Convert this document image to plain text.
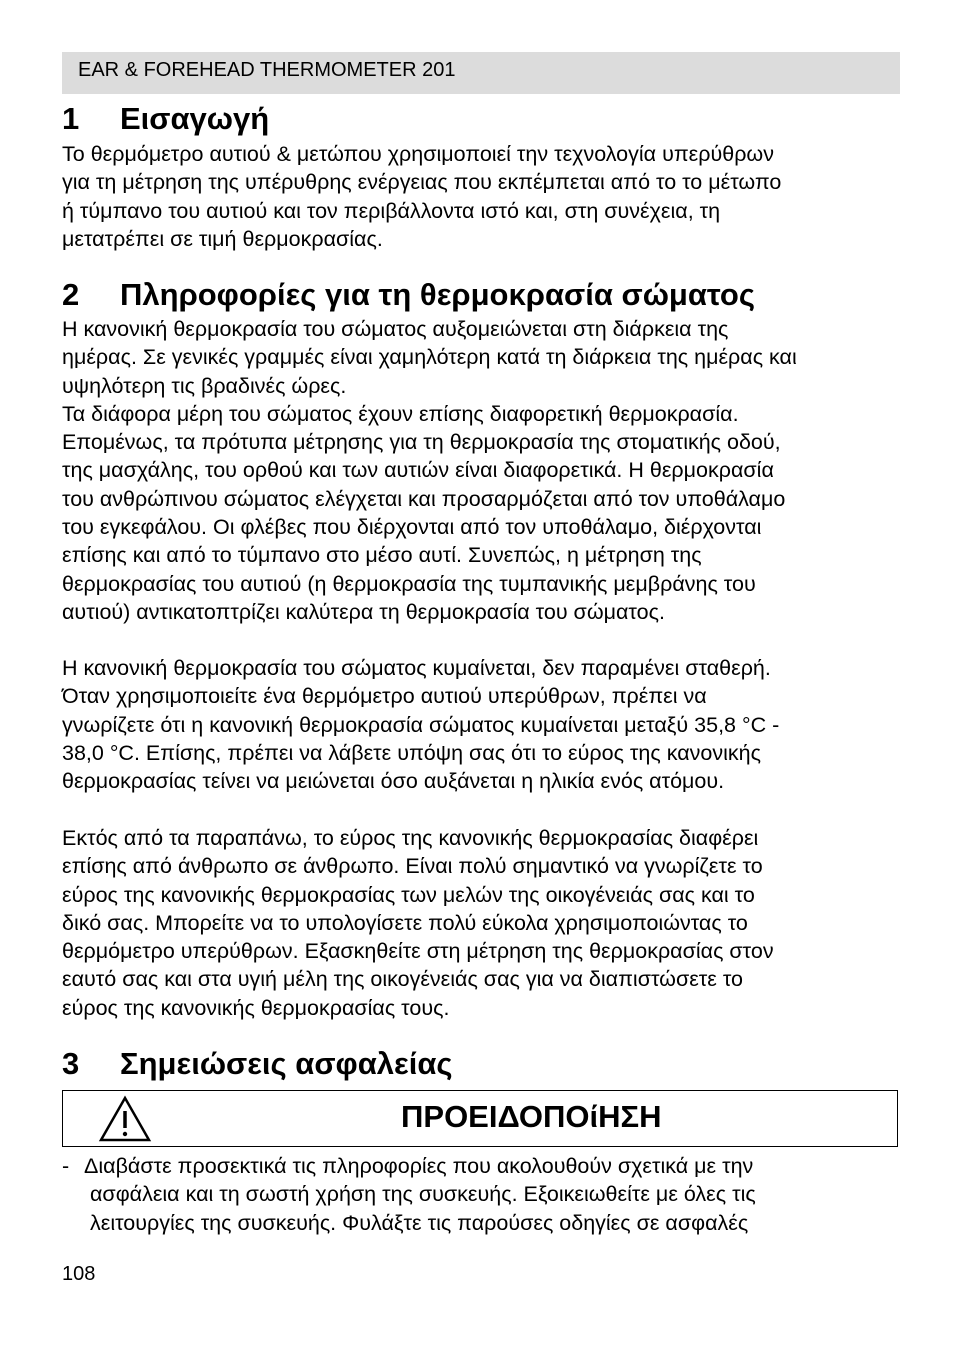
EAR & FOREHEAD THERMOMETER 201
1 Εισαγωγή
Το θερμόμετρο αυτιού & μετώπου χρησιμοποιεί την τεχνολογία υπερύθρων
για τη μέτρηση της υπέρυθρης ενέργειας που εκπέμπεται από το το μέτωπο
ή τύμπανο του αυτιού και τον περιβάλλοντα ιστό και, στη συνέχεια, τη
μετατρέπει σε τιμή θερμοκρασίας.
2 Πληροφορίες για τη θερμοκρασία σώματος
Η κανονική θερμοκρασία του σώματος αυξομειώνεται στη διάρκεια της
ημέρας. Σε γενικές γραμμές είναι χαμηλότερη κατά τη διάρκεια της ημέρας και
υψηλότερη τις βραδινές ώρες.
Τα διάφορα μέρη του σώματος έχουν επίσης διαφορετική θερμοκρασία.
Επομένως, τα πρότυπα μέτρησης για τη θερμοκρασία της στοματικής οδού,
της μασχάλης, του ορθού και των αυτιών είναι διαφορετικά. Η θερμοκρασία
του ανθρώπινου σώματος ελέγχεται και προσαρμόζεται από τον υποθάλαμο
του εγκεφάλου. Οι φλέβες που διέρχονται από τον υποθάλαμο, διέρχονται
επίσης και από το τύμπανο στο μέσο αυτί. Συνεπώς, η μέτρηση της
θερμοκρασίας του αυτιού (η θερμοκρασία της τυμπανικής μεμβράνης του
αυτιού) αντικατοπτρίζει καλύτερα τη θερμοκρασία του σώματος.
Η κανονική θερμοκρασία του σώματος κυμαίνεται, δεν παραμένει σταθερή.
Όταν χρησιμοποιείτε ένα θερμόμετρο αυτιού υπερύθρων, πρέπει να
γνωρίζετε ότι η κανονική θερμοκρασία σώματος κυμαίνεται μεταξύ 35,8 °C -
38,0 °C. Επίσης, πρέπει να λάβετε υπόψη σας ότι το εύρος της κανονικής
θερμοκρασίας τείνει να μειώνεται όσο αυξάνεται η ηλικία ενός ατόμου.
Εκτός από τα παραπάνω, το εύρος της κανονικής θερμοκρασίας διαφέρει
επίσης από άνθρωπο σε άνθρωπο. Είναι πολύ σημαντικό να γνωρίζετε το
εύρος της κανονικής θερμοκρασίας των μελών της οικογένειάς σας και το
δικό σας. Μπορείτε να το υπολογίσετε πολύ εύκολα χρησιμοποιώντας το
θερμόμετρο υπερύθρων. Εξασκηθείτε στη μέτρηση της θερμοκρασίας στον
εαυτό σας και στα υγιή μέλη της οικογένειάς σας για να διαπιστώσετε το
εύρος της κανονικής θερμοκρασίας τους.
3 Σημειώσεις ασφαλείας
ΠΡΟΕΙΔΟΠΟίΗΣΗ
- Διαβάστε προσεκτικά τις πληροφορίες που ακολουθούν σχετικά με την
ασφάλεια και τη σωστή χρήση της συσκευής. Εξοικειωθείτε με όλες τις
λειτουργίες της συσκευής. Φυλάξτε τις παρούσες οδηγίες σε ασφαλές
108
